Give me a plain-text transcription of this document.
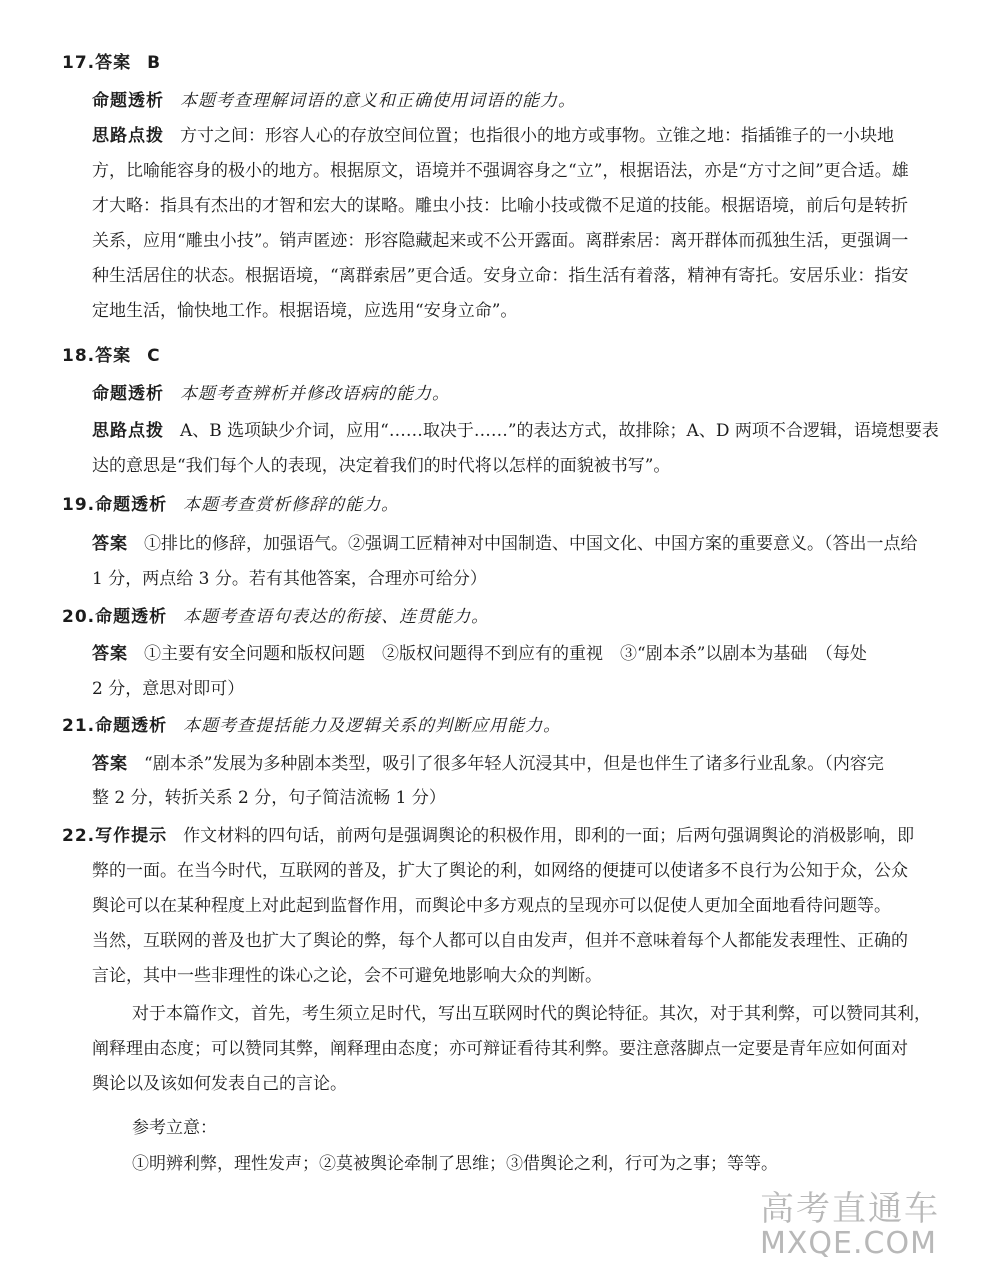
17.答案 B
命题透析 本题考查理解词语的意义和正确使用词语的能力。
思路点拨 方寸之间：形容人心的存放空间位置；也指很小的地方或事物。立锥之地：指插锥子的一小块地
方，比喻能容身的极小的地方。根据原文，语境并不强调容身之“立”，根据语法，亦是“方寸之间”更合适。雄
才大略：指具有杰出的才智和宏大的谋略。雕虫小技：比喻小技或微不足道的技能。根据语境，前后句是转折
关系，应用“雕虫小技”。销声匿迹：形容隐藏起来或不公开露面。离群索居：离开群体而孤独生活，更强调一
种生活居住的状态。根据语境，“离群索居”更合适。安身立命：指生活有着落，精神有寄托。安居乐业：指安
定地生活，愉快地工作。根据语境，应选用“安身立命”。
18.答案 C
命题透析 本题考查辨析并修改语病的能力。
思路点拨 A、B 选项缺少介词，应用“……取决于……”的表达方式，故排除；A、D 两项不合逻辑，语境想要表
达的意思是“我们每个人的表现，决定着我们的时代将以怎样的面貌被书写”。
19.命题透析 本题考查赏析修辞的能力。
答案 ①排比的修辞，加强语气。②强调工匠精神对中国制造、中国文化、中国方案的重要意义。（答出一点给
1 分，两点给 3 分。若有其他答案，合理亦可给分）
20.命题透析 本题考查语句表达的衔接、连贯能力。
答案 ①主要有安全问题和版权问题　②版权问题得不到应有的重视　③“剧本杀”以剧本为基础　（每处
2 分，意思对即可）
21.命题透析 本题考查提括能力及逻辑关系的判断应用能力。
答案 “剧本杀”发展为多种剧本类型，吸引了很多年轻人沉浸其中，但是也伴生了诸多行业乱象。（内容完
整 2 分，转折关系 2 分，句子简洁流畅 1 分）
22.写作提示 作文材料的四句话，前两句是强调舆论的积极作用，即利的一面；后两句强调舆论的消极影响，即
弊的一面。在当今时代，互联网的普及，扩大了舆论的利，如网络的便捷可以使诸多不良行为公知于众，公众
舆论可以在某种程度上对此起到监督作用，而舆论中多方观点的呈现亦可以促使人更加全面地看待问题等。
当然，互联网的普及也扩大了舆论的弊，每个人都可以自由发声，但并不意味着每个人都能发表理性、正确的
言论，其中一些非理性的诛心之论，会不可避免地影响大众的判断。
对于本篇作文，首先，考生须立足时代，写出互联网时代的舆论特征。其次，对于其利弊，可以赞同其利，
阐释理由态度；可以赞同其弊，阐释理由态度；亦可辩证看待其利弊。要注意落脚点一定要是青年应如何面对
舆论以及该如何发表自己的言论。
参考立意：
①明辨利弊，理性发声；②莫被舆论牵制了思维；③借舆论之利，行可为之事；等等。
高考直通车
MXQE.COM
